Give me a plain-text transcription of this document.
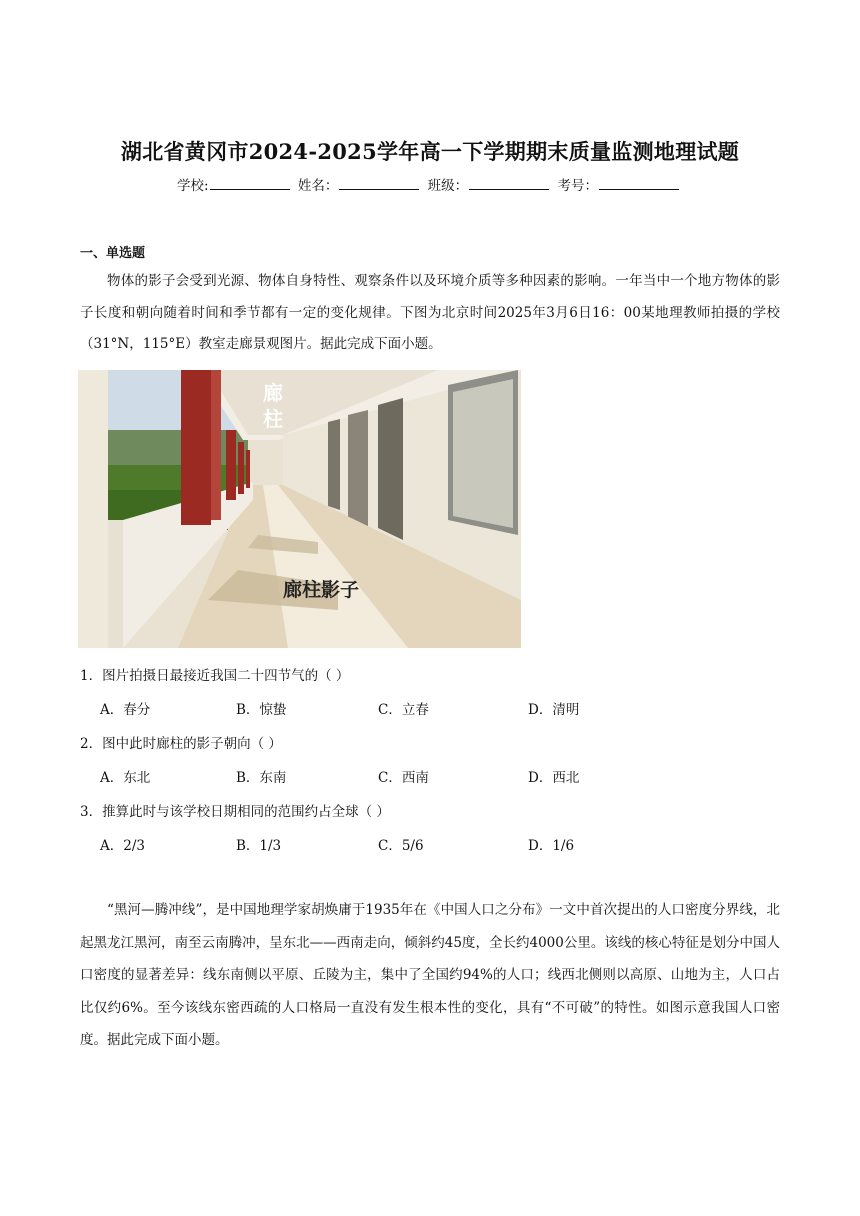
湖北省黄冈市2024-2025学年高一下学期期末质量监测地理试题
学校:	姓名：	班级：	考号：
一、单选题
物体的影子会受到光源、物体自身特性、观察条件以及环境介质等多种因素的影响。一年当中一个地方物体的影子长度和朝向随着时间和季节都有一定的变化规律。下图为北京时间2025年3月6日16：00某地理教师拍摄的学校（31°N，115°E）教室走廊景观图片。据此完成下面小题。
廊柱
廊柱影子
1．图片拍摄日最接近我国二十四节气的（ ）
A．春分	B．惊蛰	C．立春	D．清明
2．图中此时廊柱的影子朝向（ ）
A．东北	B．东南	C．西南	D．西北
3．推算此时与该学校日期相同的范围约占全球（ ）
A．2/3	B．1/3	C．5/6	D．1/6
“黑河—腾冲线”，是中国地理学家胡焕庸于1935年在《中国人口之分布》一文中首次提出的人口密度分界线，北起黑龙江黑河，南至云南腾冲，呈东北——西南走向，倾斜约45度，全长约4000公里。该线的核心特征是划分中国人口密度的显著差异：线东南侧以平原、丘陵为主，集中了全国约94%的人口；线西北侧则以高原、山地为主，人口占比仅约6%。至今该线东密西疏的人口格局一直没有发生根本性的变化，具有“不可破”的特性。如图示意我国人口密度。据此完成下面小题。
